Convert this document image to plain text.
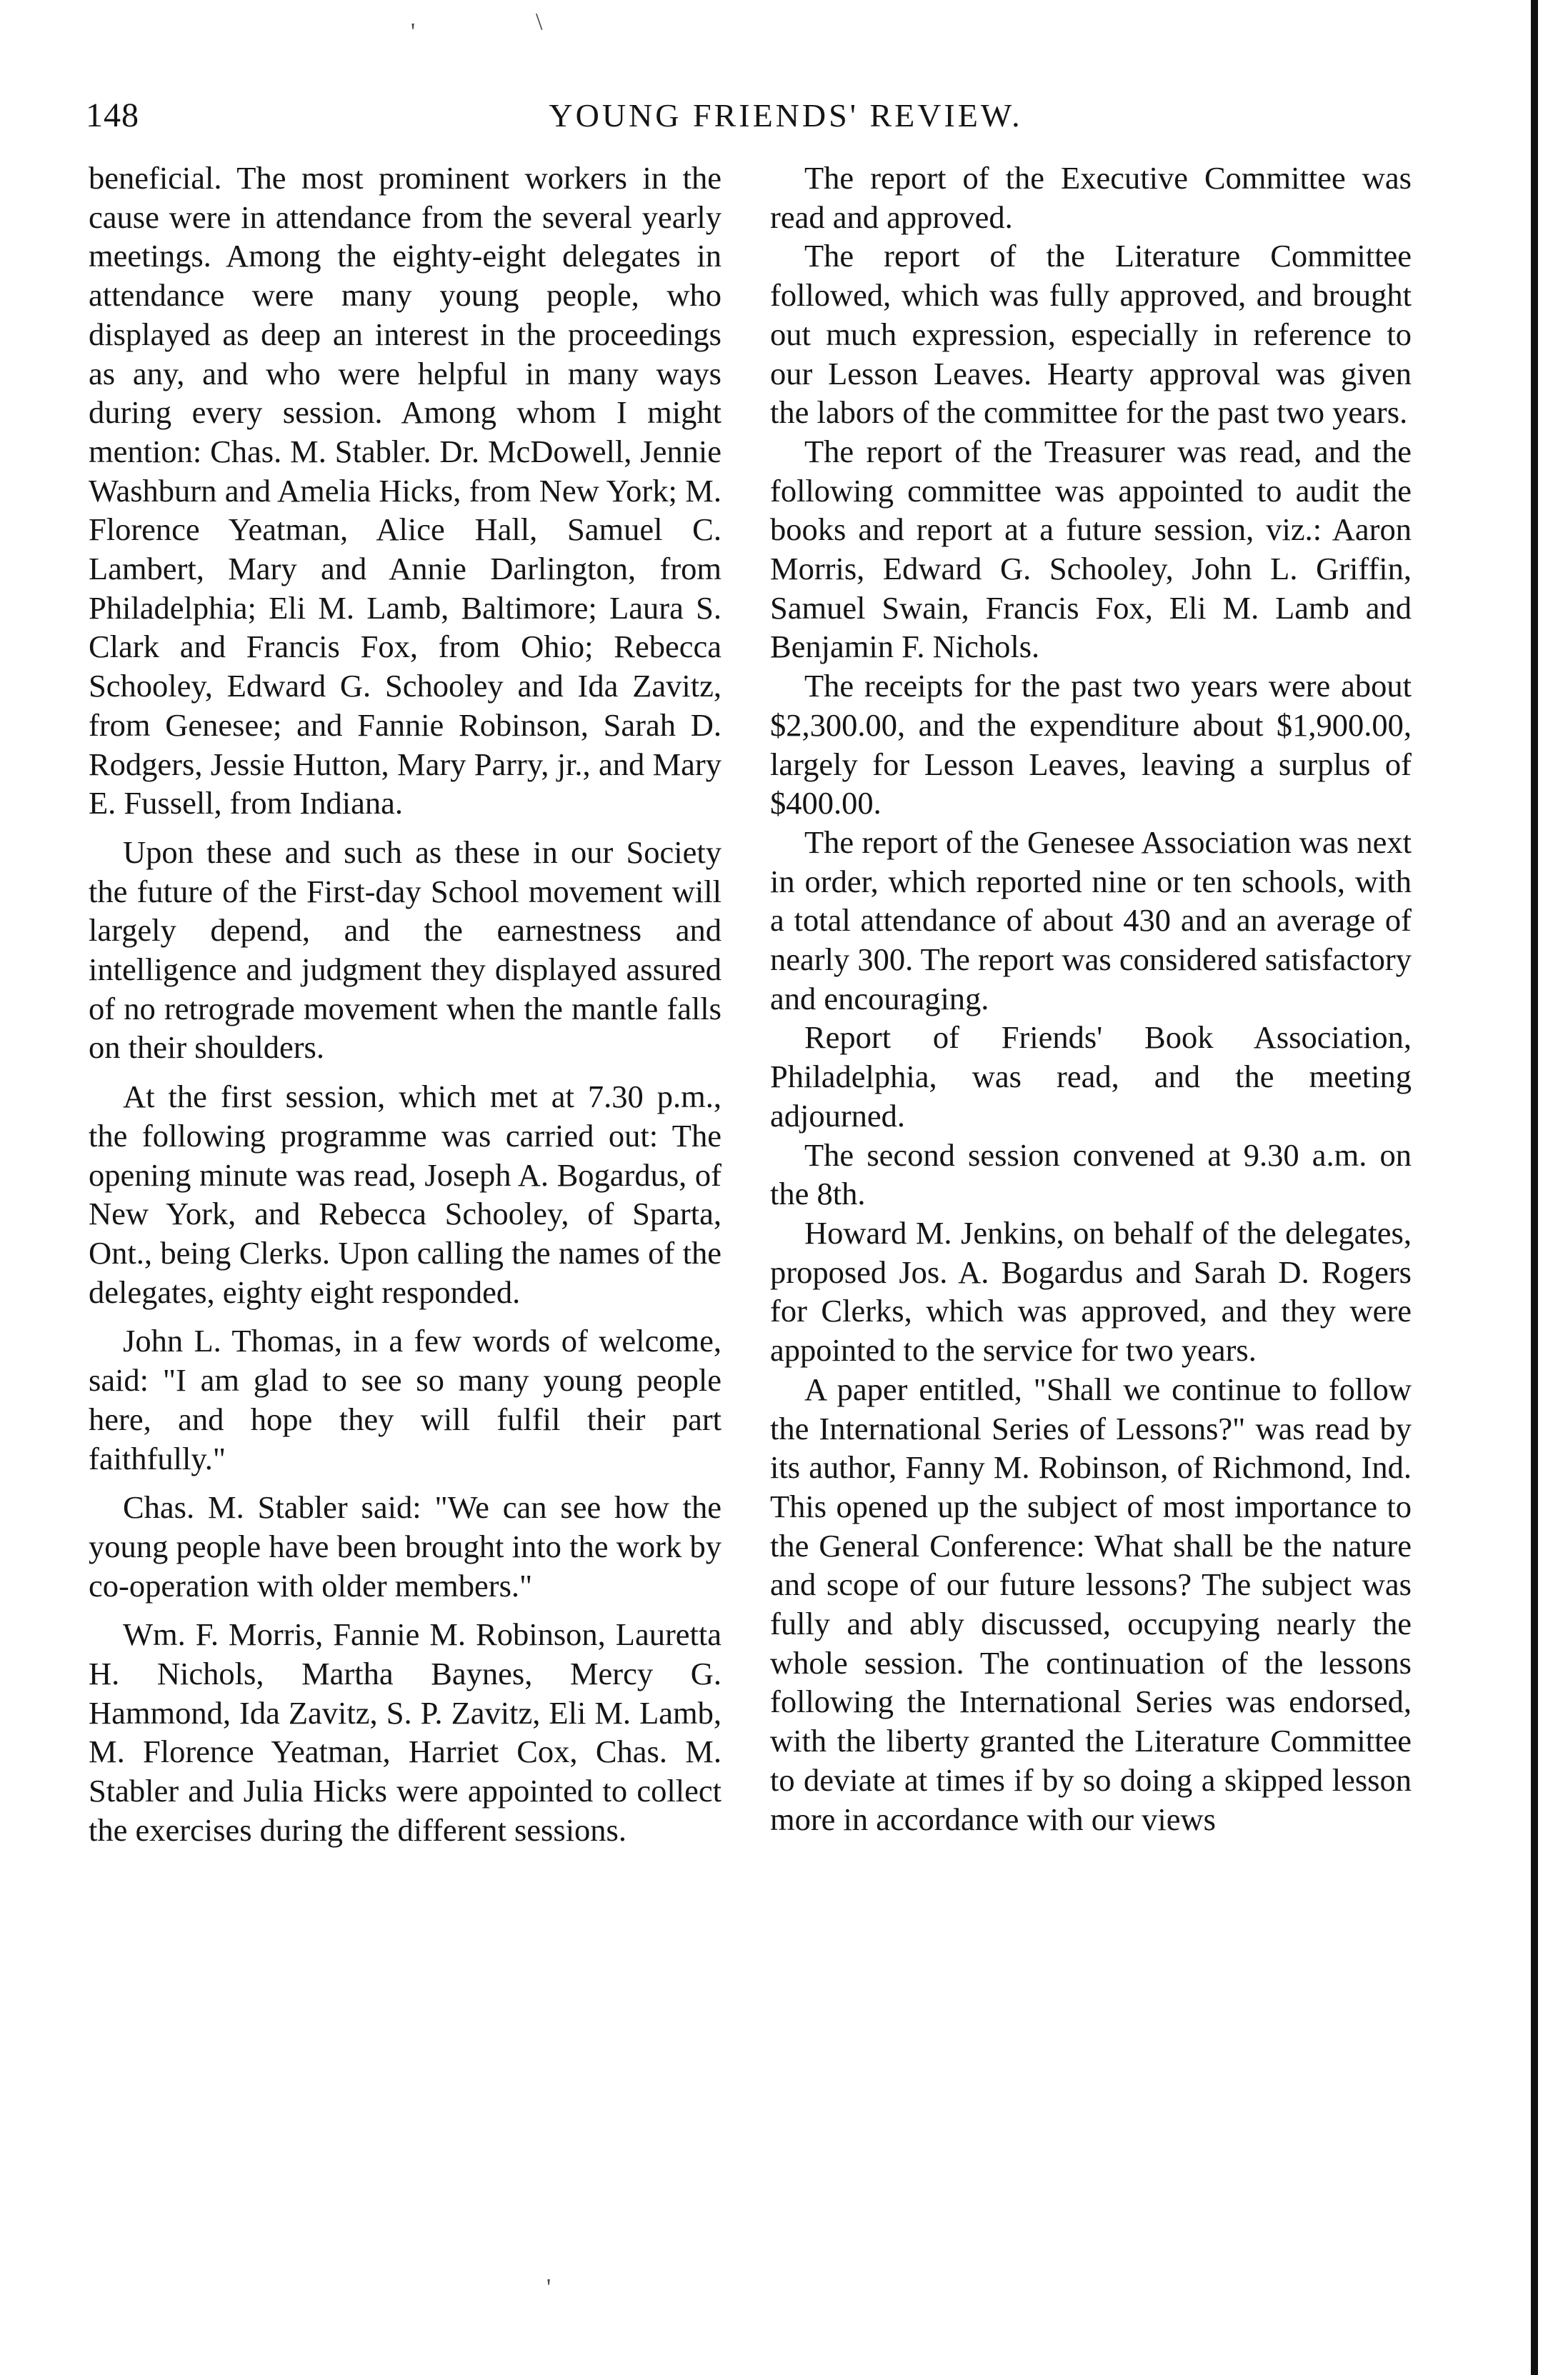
'	\
148	YOUNG FRIENDS' REVIEW.

beneficial. The most prominent workers in the cause were in attendance from the several yearly meetings. Among the eighty-eight delegates in attendance were many young people, who displayed as deep an interest in the proceedings as any, and who were helpful in many ways during every session. Among whom I might mention: Chas. M. Stabler. Dr. McDowell, Jennie Washburn and Amelia Hicks, from New York; M. Florence Yeatman, Alice Hall, Samuel C. Lambert, Mary and Annie Darlington, from Philadelphia; Eli M. Lamb, Baltimore; Laura S. Clark and Francis Fox, from Ohio; Rebecca Schooley, Edward G. Schooley and Ida Zavitz, from Genesee; and Fannie Robinson, Sarah D. Rodgers, Jessie Hutton, Mary Parry, jr., and Mary E. Fussell, from Indiana.

Upon these and such as these in our Society the future of the First-day School movement will largely depend, and the earnestness and intelligence and judgment they displayed assured of no retrograde movement when the mantle falls on their shoulders.

At the first session, which met at 7.30 p.m., the following programme was carried out: The opening minute was read, Joseph A. Bogardus, of New York, and Rebecca Schooley, of Sparta, Ont., being Clerks. Upon calling the names of the delegates, eighty eight responded.

John L. Thomas, in a few words of welcome, said: "I am glad to see so many young people here, and hope they will fulfil their part faithfully."

Chas. M. Stabler said: "We can see how the young people have been brought into the work by co-operation with older members."

Wm. F. Morris, Fannie M. Robinson, Lauretta H. Nichols, Martha Baynes, Mercy G. Hammond, Ida Zavitz, S. P. Zavitz, Eli M. Lamb, M. Florence Yeatman, Harriet Cox, Chas. M. Stabler and Julia Hicks were appointed to collect the exercises during the different sessions.

The report of the Executive Committee was read and approved.

The report of the Literature Committee followed, which was fully approved, and brought out much expression, especially in reference to our Lesson Leaves. Hearty approval was given the labors of the committee for the past two years.

The report of the Treasurer was read, and the following committee was appointed to audit the books and report at a future session, viz.: Aaron Morris, Edward G. Schooley, John L. Griffin, Samuel Swain, Francis Fox, Eli M. Lamb and Benjamin F. Nichols.

The receipts for the past two years were about $2,300.00, and the expenditure about $1,900.00, largely for Lesson Leaves, leaving a surplus of $400.00.

The report of the Genesee Association was next in order, which reported nine or ten schools, with a total attendance of about 430 and an average of nearly 300. The report was considered satisfactory and encouraging.

Report of Friends' Book Association, Philadelphia, was read, and the meeting adjourned.

The second session convened at 9.30 a.m. on the 8th.

Howard M. Jenkins, on behalf of the delegates, proposed Jos. A. Bogardus and Sarah D. Rogers for Clerks, which was approved, and they were appointed to the service for two years.

A paper entitled, "Shall we continue to follow the International Series of Lessons?" was read by its author, Fanny M. Robinson, of Richmond, Ind. This opened up the subject of most importance to the General Conference: What shall be the nature and scope of our future lessons? The subject was fully and ably discussed, occupying nearly the whole session. The continuation of the lessons following the International Series was endorsed, with the liberty granted the Literature Committee to deviate at times if by so doing a skipped lesson more in accordance with our views

'
